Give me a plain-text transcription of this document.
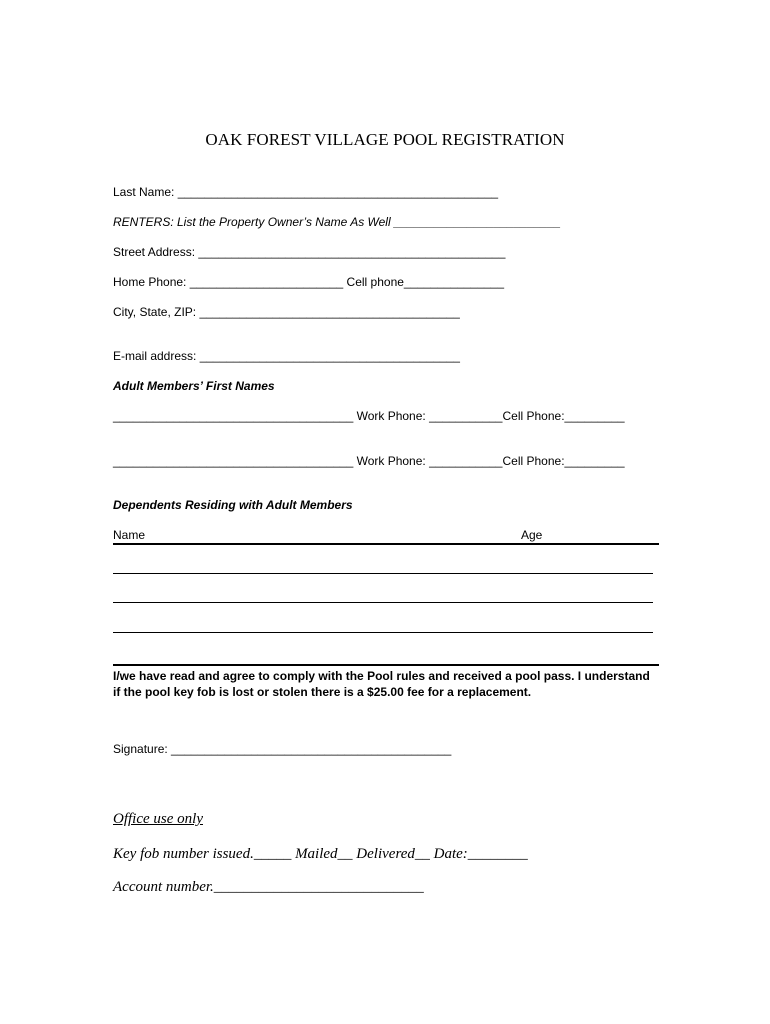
OAK FOREST VILLAGE POOL REGISTRATION
Last Name: ________________________________________________
RENTERS: List the Property Owner’s Name As Well _________________________
Street Address: ______________________________________________
Home Phone: _______________________ Cell phone_______________
City, State, ZIP: _______________________________________
E-mail address: _______________________________________
Adult Members’ First Names
____________________________________ Work Phone: ___________Cell Phone:_________
____________________________________ Work Phone: ___________Cell Phone:_________
Dependents Residing with Adult Members
Name	Age
I/we have read and agree to comply with the Pool rules and received a pool pass. I understand if the pool key fob is lost or stolen there is a $25.00 fee for a replacement.
Signature: __________________________________________
Office use only
Key fob number issued._____ Mailed__ Delivered__ Date:________
Account number.____________________________
